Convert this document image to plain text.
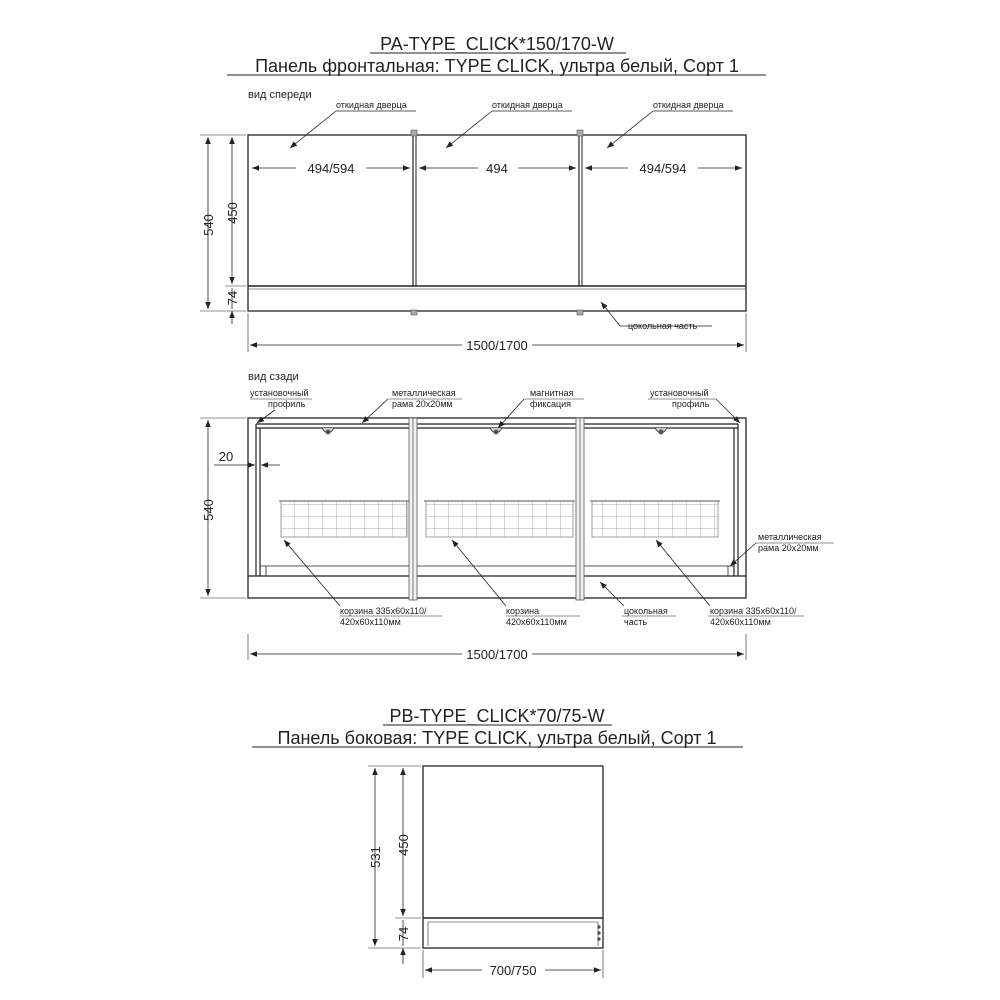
PA-TYPE_CLICK*150/170-W
Панель фронтальная: TYPE CLICK, ультра белый, Сорт 1
вид спереди
откидная дверца	откидная дверца	откидная дверца
494/594	494	494/594
540
450
74
цокольная часть
1500/1700
вид сзади
установочный
профиль
металлическая
рама 20х20мм
магнитная
фиксация
установочный
профиль
металлическая
рама 20х20мм
20
540
корзина 335х60х110/
420х60х110мм
корзина
420х60х110мм
цокольная
часть
корзина 335х60х110/
420х60х110мм
1500/1700
PB-TYPE_CLICK*70/75-W
Панель боковая: TYPE CLICK, ультра белый, Сорт 1
531
450
74
700/750
